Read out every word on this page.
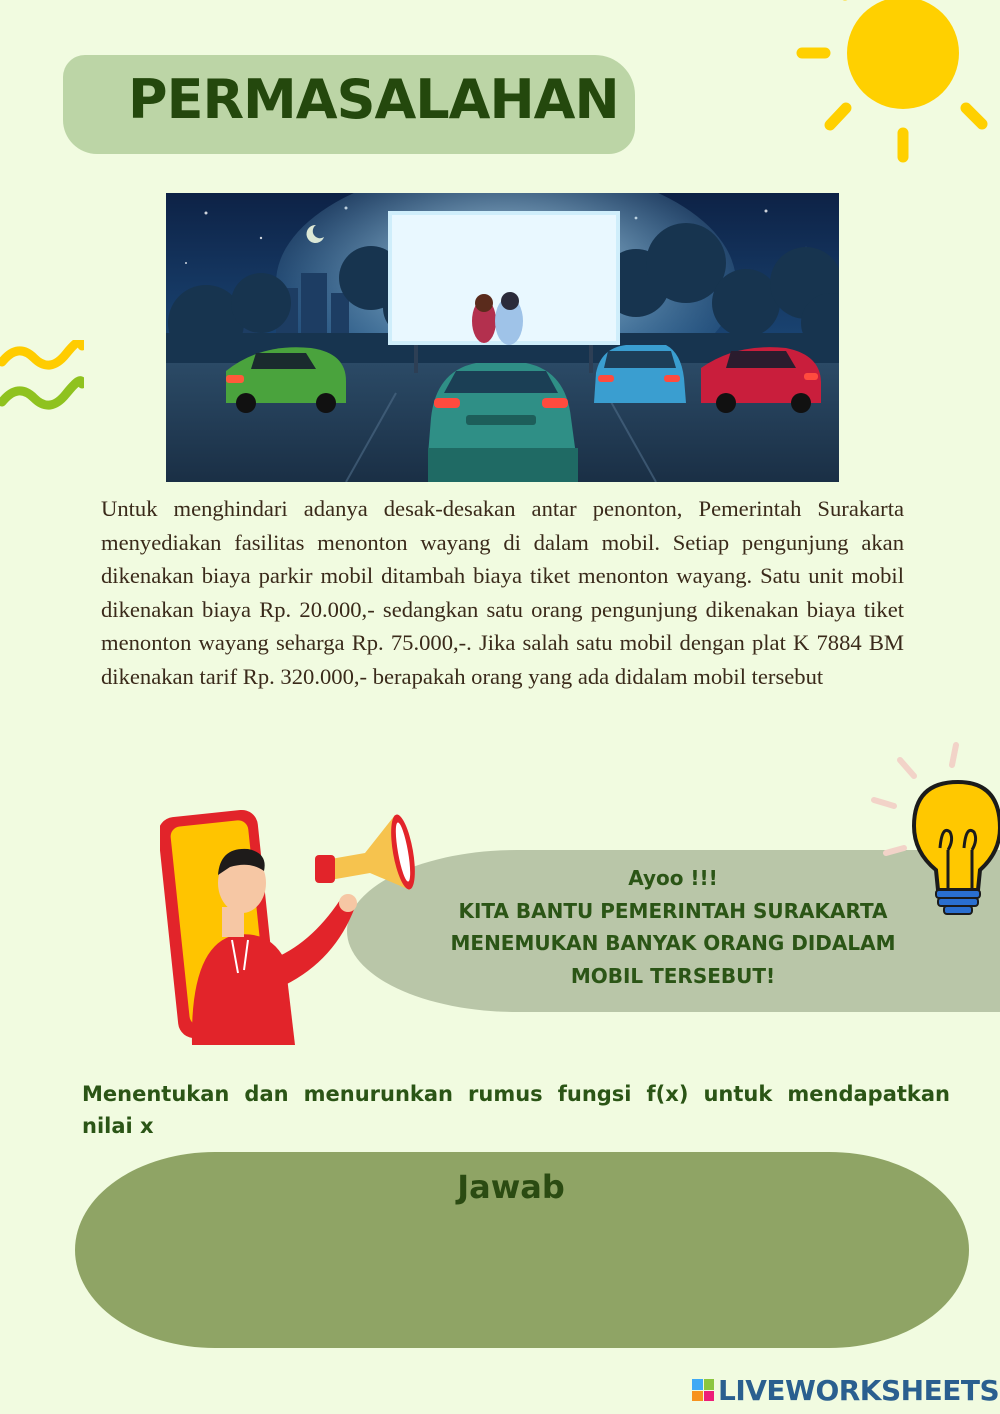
PERMASALAHAN
Untuk menghindari adanya desak-desakan antar penonton, Pemerintah Surakarta menyediakan fasilitas menonton wayang di dalam mobil. Setiap pengunjung akan dikenakan biaya parkir mobil ditambah biaya tiket menonton wayang. Satu unit mobil dikenakan biaya Rp. 20.000,- sedangkan satu orang pengunjung dikenakan biaya tiket menonton wayang seharga Rp. 75.000,-. Jika salah satu mobil dengan plat K 7884 BM dikenakan tarif Rp. 320.000,- berapakah orang yang ada didalam mobil tersebut
Ayoo !!!
KITA BANTU PEMERINTAH SURAKARTA
MENEMUKAN BANYAK ORANG DIDALAM
MOBIL TERSEBUT!
Menentukan dan menurunkan rumus fungsi f(x) untuk mendapatkan nilai x
Jawab
LIVEWORKSHEETS
